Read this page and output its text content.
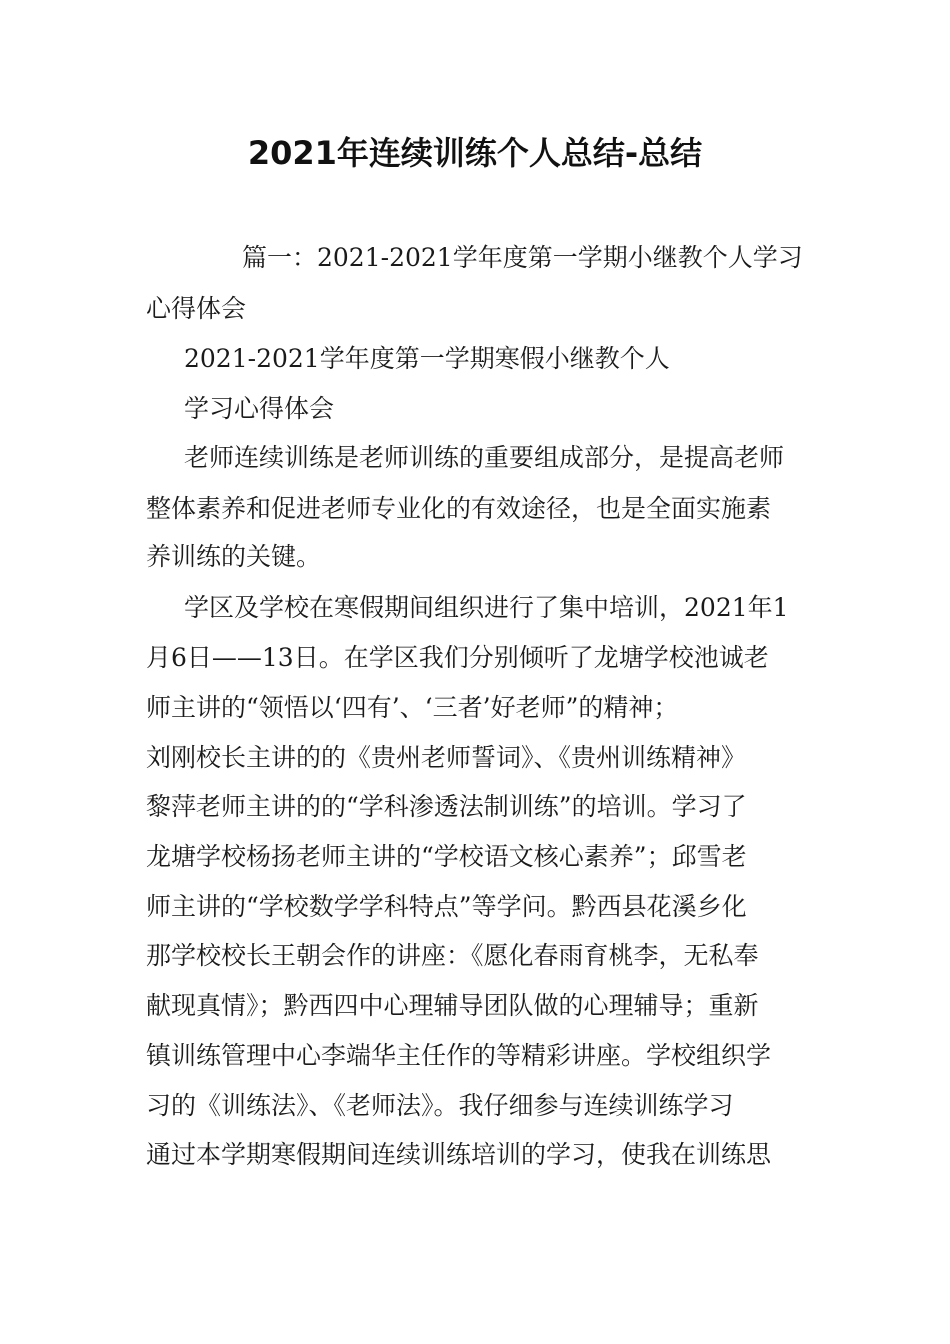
2021年连续训练个人总结-总结
篇一：2021-2021学年度第一学期小继教个人学习
心得体会
2021-2021学年度第一学期寒假小继教个人
学习心得体会
老师连续训练是老师训练的重要组成部分，是提高老师
整体素养和促进老师专业化的有效途径，也是全面实施素
养训练的关键。
学区及学校在寒假期间组织进行了集中培训，2021年1
月6日——13日。在学区我们分别倾听了龙塘学校池诚老
师主讲的“领悟以‘四有’、‘三者’好老师”的精神；
刘刚校长主讲的的《贵州老师誓词》、《贵州训练精神》
黎萍老师主讲的的“学科渗透法制训练”的培训。学习了
龙塘学校杨扬老师主讲的“学校语文核心素养”；邱雪老
师主讲的“学校数学学科特点”等学问。黔西县花溪乡化
那学校校长王朝会作的讲座：《愿化春雨育桃李，无私奉
献现真情》；黔西四中心理辅导团队做的心理辅导；重新
镇训练管理中心李端华主任作的等精彩讲座。学校组织学
习的《训练法》、《老师法》。我仔细参与连续训练学习
通过本学期寒假期间连续训练培训的学习，使我在训练思
